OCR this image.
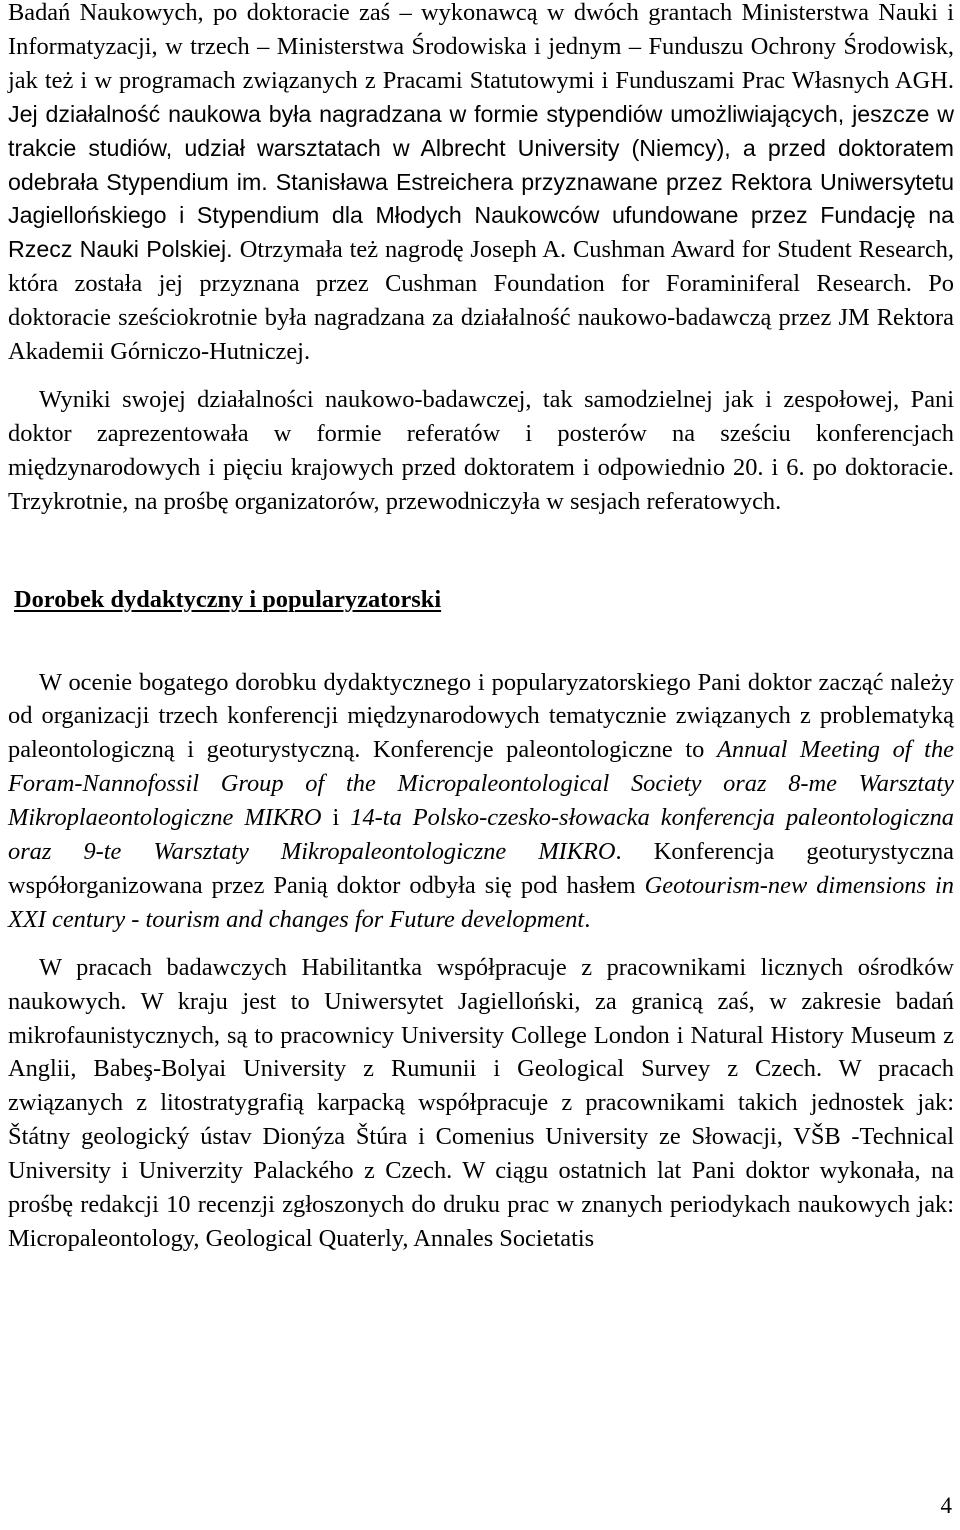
Badań Naukowych, po doktoracie zaś – wykonawcą w dwóch grantach Ministerstwa Nauki i Informatyzacji, w trzech – Ministerstwa Środowiska i jednym – Funduszu Ochrony Środowisk, jak też i w programach związanych z Pracami Statutowymi i Funduszami Prac Własnych AGH. Jej działalność naukowa była nagradzana w formie stypendiów umożliwiających, jeszcze w trakcie studiów, udział warsztatach w Albrecht University (Niemcy), a przed doktoratem odebrała Stypendium im. Stanisława Estreichera przyznawane przez Rektora Uniwersytetu Jagiellońskiego i Stypendium dla Młodych Naukowców ufundowane przez Fundację na Rzecz Nauki Polskiej. Otrzymała też nagrodę Joseph A. Cushman Award for Student Research, która została jej przyznana przez Cushman Foundation for Foraminiferal Research. Po doktoracie sześciokrotnie była nagradzana za działalność naukowo-badawczą przez JM Rektora Akademii Górniczo-Hutniczej.

Wyniki swojej działalności naukowo-badawczej, tak samodzielnej jak i zespołowej, Pani doktor zaprezentowała w formie referatów i posterów na sześciu konferencjach międzynarodowych i pięciu krajowych przed doktoratem i odpowiednio 20. i 6. po doktoracie. Trzykrotnie, na prośbę organizatorów, przewodniczyła w sesjach referatowych.

Dorobek dydaktyczny i popularyzatorski

W ocenie bogatego dorobku dydaktycznego i popularyzatorskiego Pani doktor zacząć należy od organizacji trzech konferencji międzynarodowych tematycznie związanych z problematyką paleontologiczną i geoturystyczną. Konferencje paleontologiczne to Annual Meeting of the Foram-Nannofossil Group of the Micropaleontological Society oraz 8-me Warsztaty Mikroplaeontologiczne MIKRO i 14-ta Polsko-czesko-słowacka konferencja paleontologiczna oraz 9-te Warsztaty Mikropaleontologiczne MIKRO. Konferencja geoturystyczna współorganizowana przez Panią doktor odbyła się pod hasłem Geotourism-new dimensions in XXI century - tourism and changes for Future development.

W pracach badawczych Habilitantka współpracuje z pracownikami licznych ośrodków naukowych. W kraju jest to Uniwersytet Jagielloński, za granicą zaś, w zakresie badań mikrofaunistycznych, są to pracownicy University College London i Natural History Museum z Anglii, Babeş-Bolyai University z Rumunii i Geological Survey z Czech. W pracach związanych z litostratygrafią karpacką współpracuje z pracownikami takich jednostek jak: Štátny geologický ústav Dionýza Štúra i Comenius University ze Słowacji, VŠB -Technical University i Univerzity Palackého z Czech. W ciągu ostatnich lat Pani doktor wykonała, na prośbę redakcji 10 recenzji zgłoszonych do druku prac w znanych periodykach naukowych jak: Micropaleontology, Geological Quaterly, Annales Societatis

4
